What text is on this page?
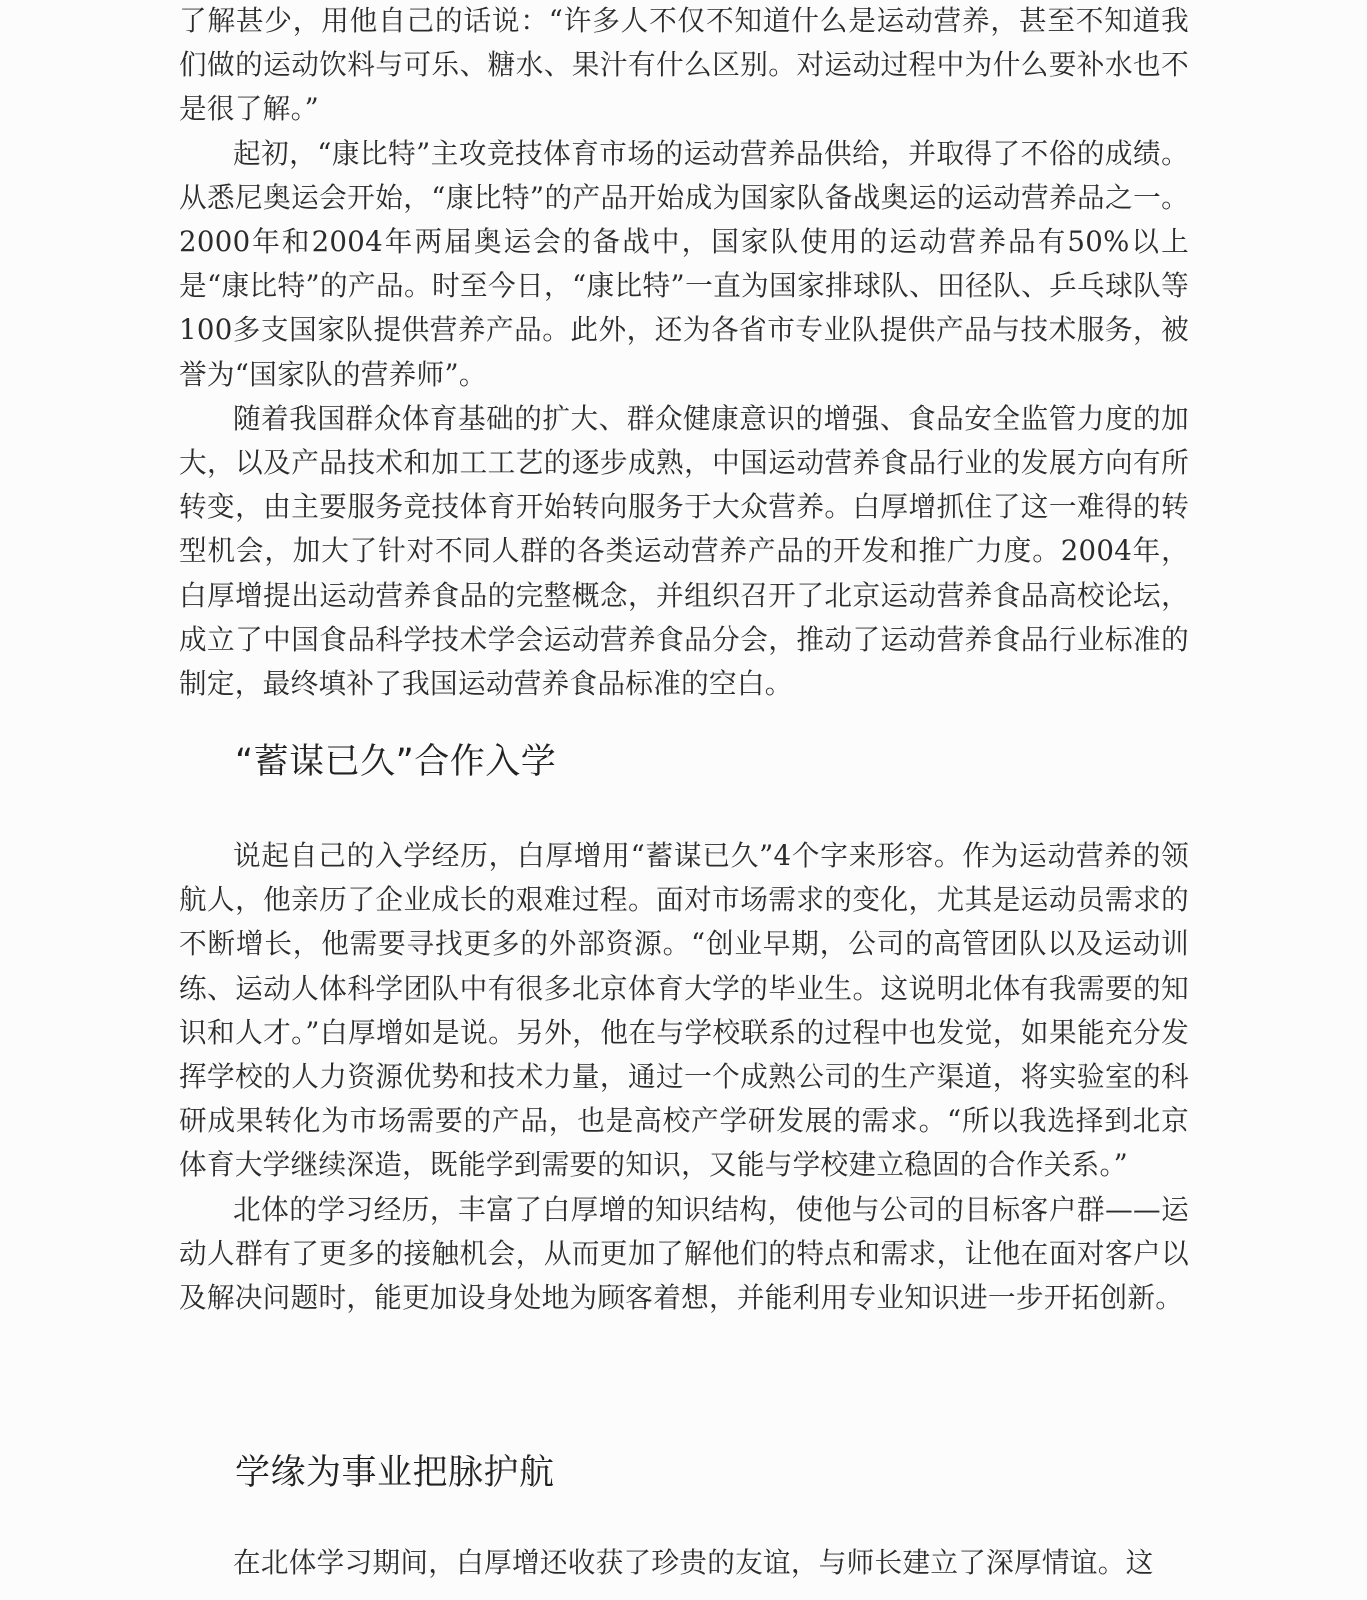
了解甚少，用他自己的话说：“许多人不仅不知道什么是运动营养，甚至不知道我们做的运动饮料与可乐、糖水、果汁有什么区别。对运动过程中为什么要补水也不是很了解。”

起初，“康比特”主攻竞技体育市场的运动营养品供给，并取得了不俗的成绩。从悉尼奥运会开始，“康比特”的产品开始成为国家队备战奥运的运动营养品之一。2000年和2004年两届奥运会的备战中，国家队使用的运动营养品有50%以上是“康比特”的产品。时至今日，“康比特”一直为国家排球队、田径队、乒乓球队等100多支国家队提供营养产品。此外，还为各省市专业队提供产品与技术服务，被誉为“国家队的营养师”。

随着我国群众体育基础的扩大、群众健康意识的增强、食品安全监管力度的加大，以及产品技术和加工工艺的逐步成熟，中国运动营养食品行业的发展方向有所转变，由主要服务竞技体育开始转向服务于大众营养。白厚增抓住了这一难得的转型机会，加大了针对不同人群的各类运动营养产品的开发和推广力度。2004年，白厚增提出运动营养食品的完整概念，并组织召开了北京运动营养食品高校论坛，成立了中国食品科学技术学会运动营养食品分会，推动了运动营养食品行业标准的制定，最终填补了我国运动营养食品标准的空白。

“蓄谋已久”合作入学

说起自己的入学经历，白厚增用“蓄谋已久”4个字来形容。作为运动营养的领航人，他亲历了企业成长的艰难过程。面对市场需求的变化，尤其是运动员需求的不断增长，他需要寻找更多的外部资源。“创业早期，公司的高管团队以及运动训练、运动人体科学团队中有很多北京体育大学的毕业生。这说明北体有我需要的知识和人才。”白厚增如是说。另外，他在与学校联系的过程中也发觉，如果能充分发挥学校的人力资源优势和技术力量，通过一个成熟公司的生产渠道，将实验室的科研成果转化为市场需要的产品，也是高校产学研发展的需求。“所以我选择到北京体育大学继续深造，既能学到需要的知识，又能与学校建立稳固的合作关系。”

北体的学习经历，丰富了白厚增的知识结构，使他与公司的目标客户群——运动人群有了更多的接触机会，从而更加了解他们的特点和需求，让他在面对客户以及解决问题时，能更加设身处地为顾客着想，并能利用专业知识进一步开拓创新。

学缘为事业把脉护航

在北体学习期间，白厚增还收获了珍贵的友谊，与师长建立了深厚情谊。这
